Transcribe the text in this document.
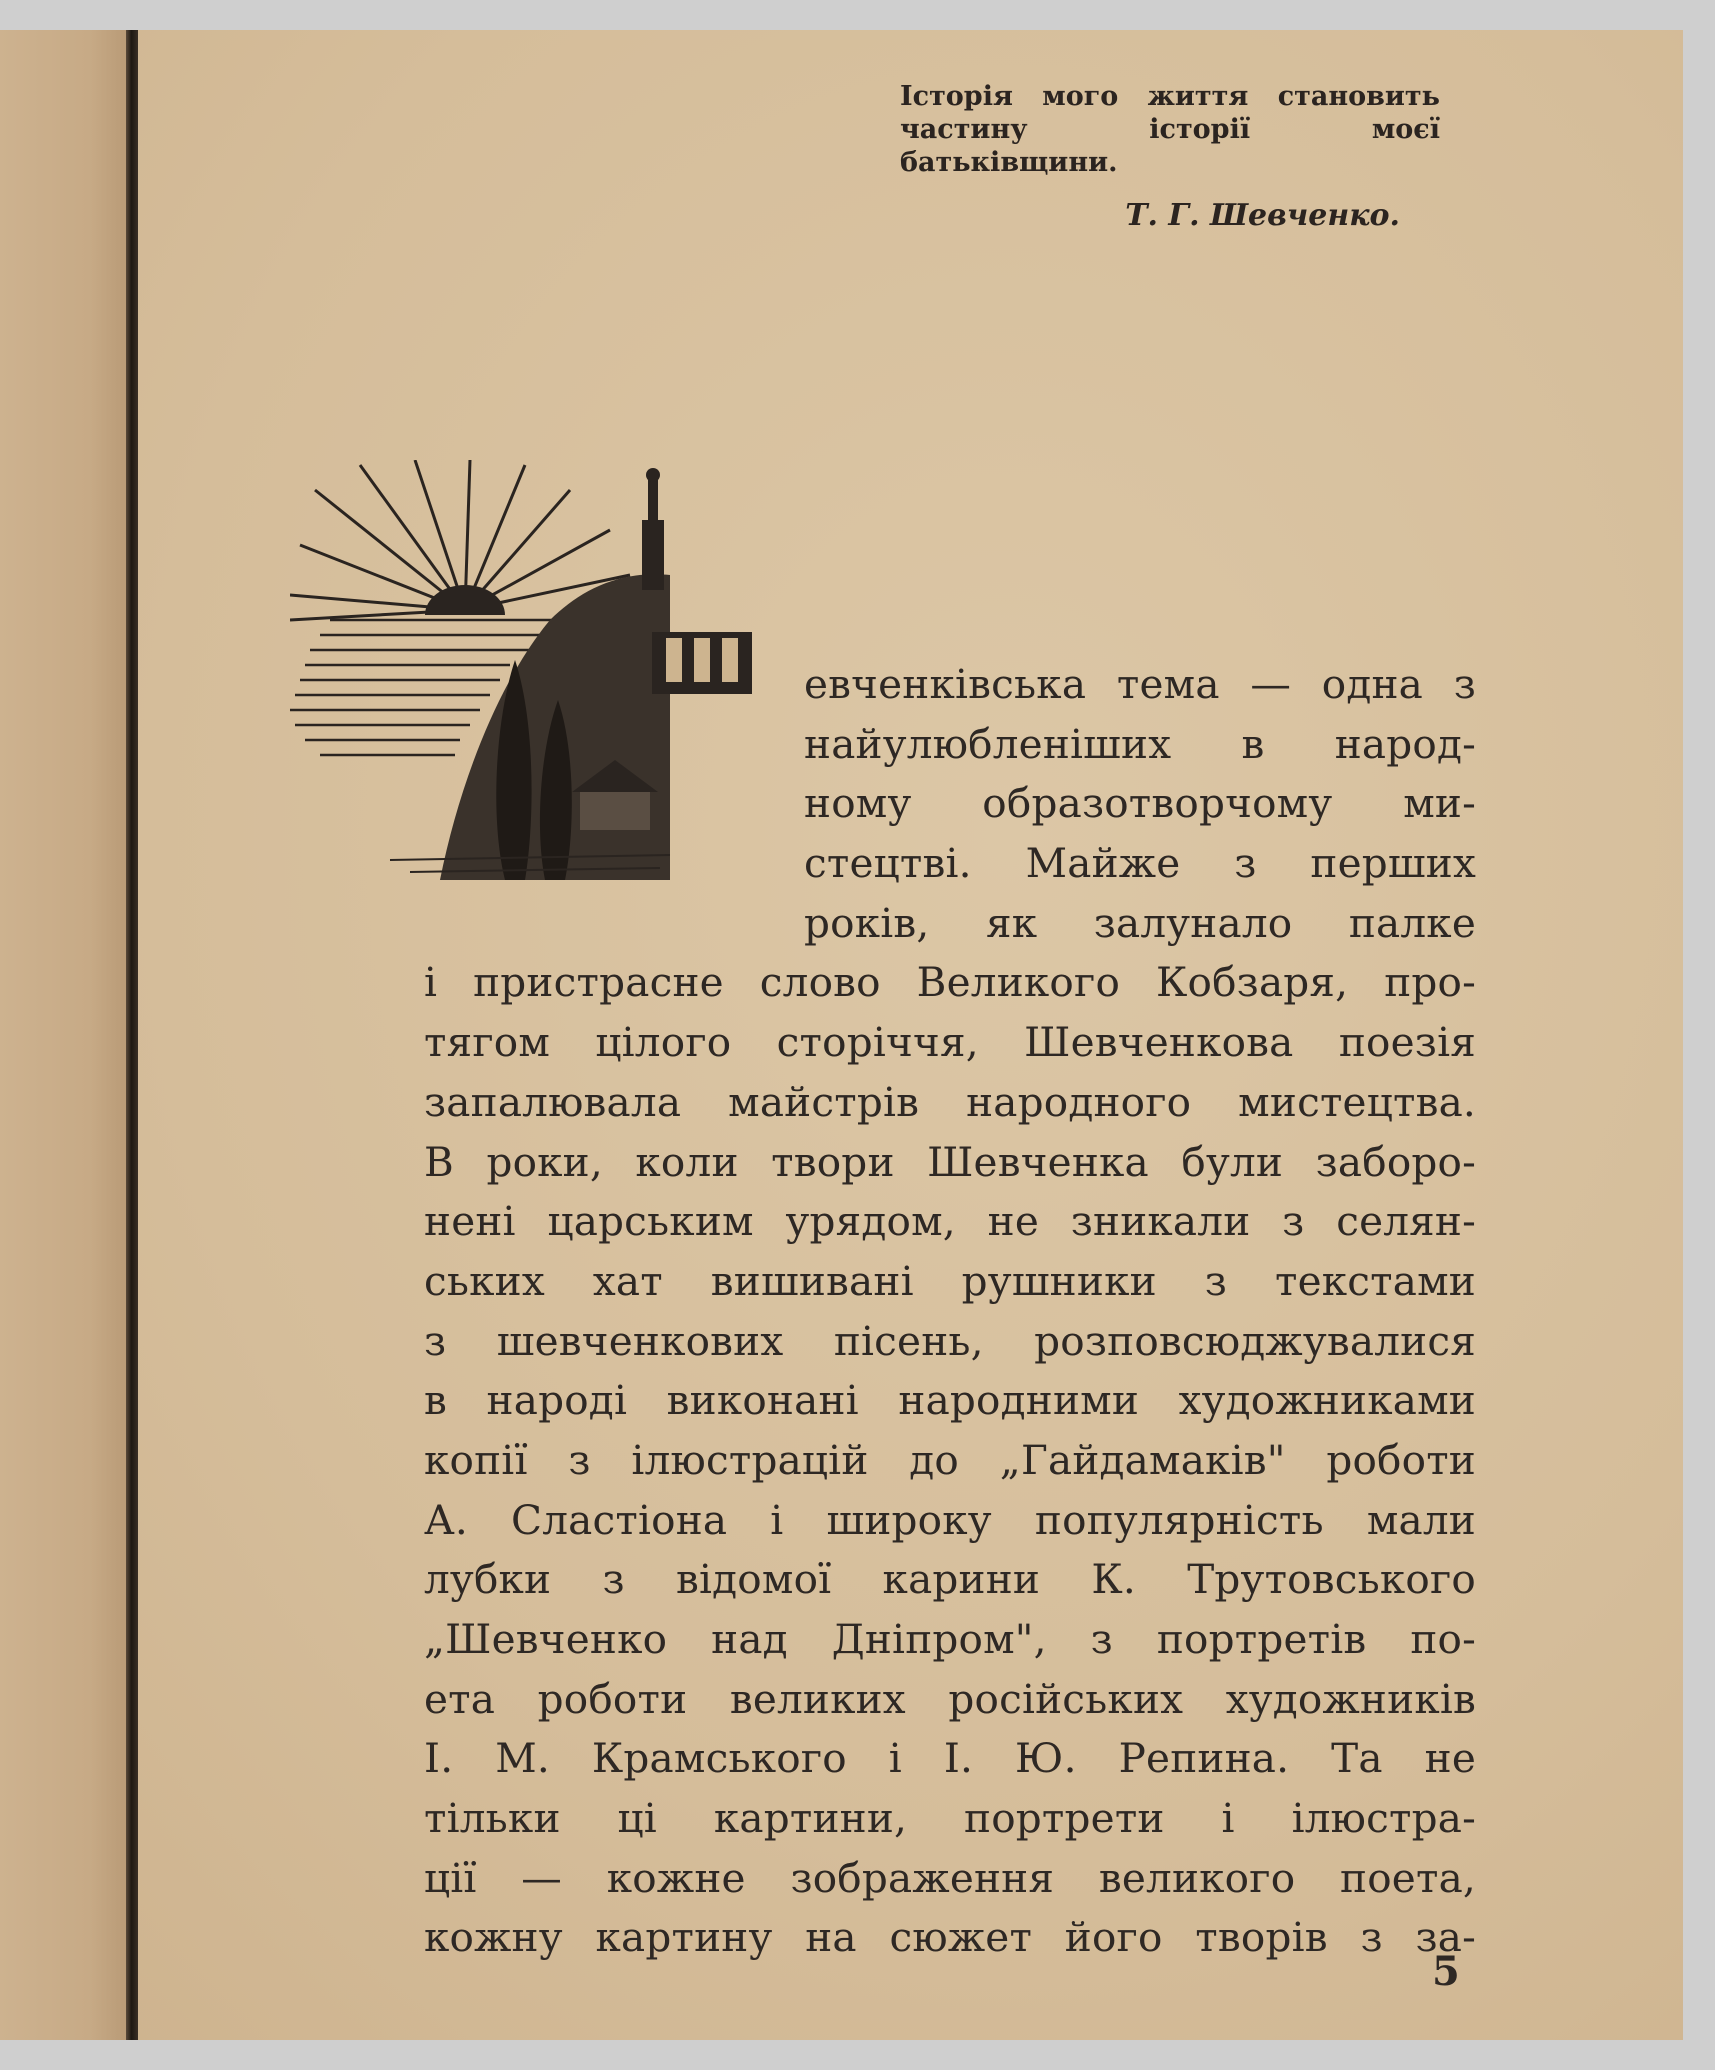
Історія мого життя становить частину історії моєї батьківщини.
Т. Г. Шевченко.
евченківська тема — одна з
найулюбленіших в народ-
ному образотворчому ми-
стецтві. Майже з перших
років, як залунало палке
і пристрасне слово Великого Кобзаря, про-
тягом цілого сторіччя, Шевченкова поезія
запалювала майстрів народного мистецтва.
В роки, коли твори Шевченка були заборо-
нені царським урядом, не зникали з селян-
ських хат вишивані рушники з текстами
з шевченкових пісень, розповсюджувалися
в народі виконані народними художниками
копії з ілюстрацій до „Гайдамаків" роботи
А. Сластіона і широку популярність мали
лубки з відомої карини К. Трутовського
„Шевченко над Дніпром", з портретів по-
ета роботи великих російських художників
І. М. Крамського і І. Ю. Репина. Та не
тільки ці картини, портрети і ілюстра-
ції — кожне зображення великого поета,
кожну картину на сюжет його творів з за-
5
